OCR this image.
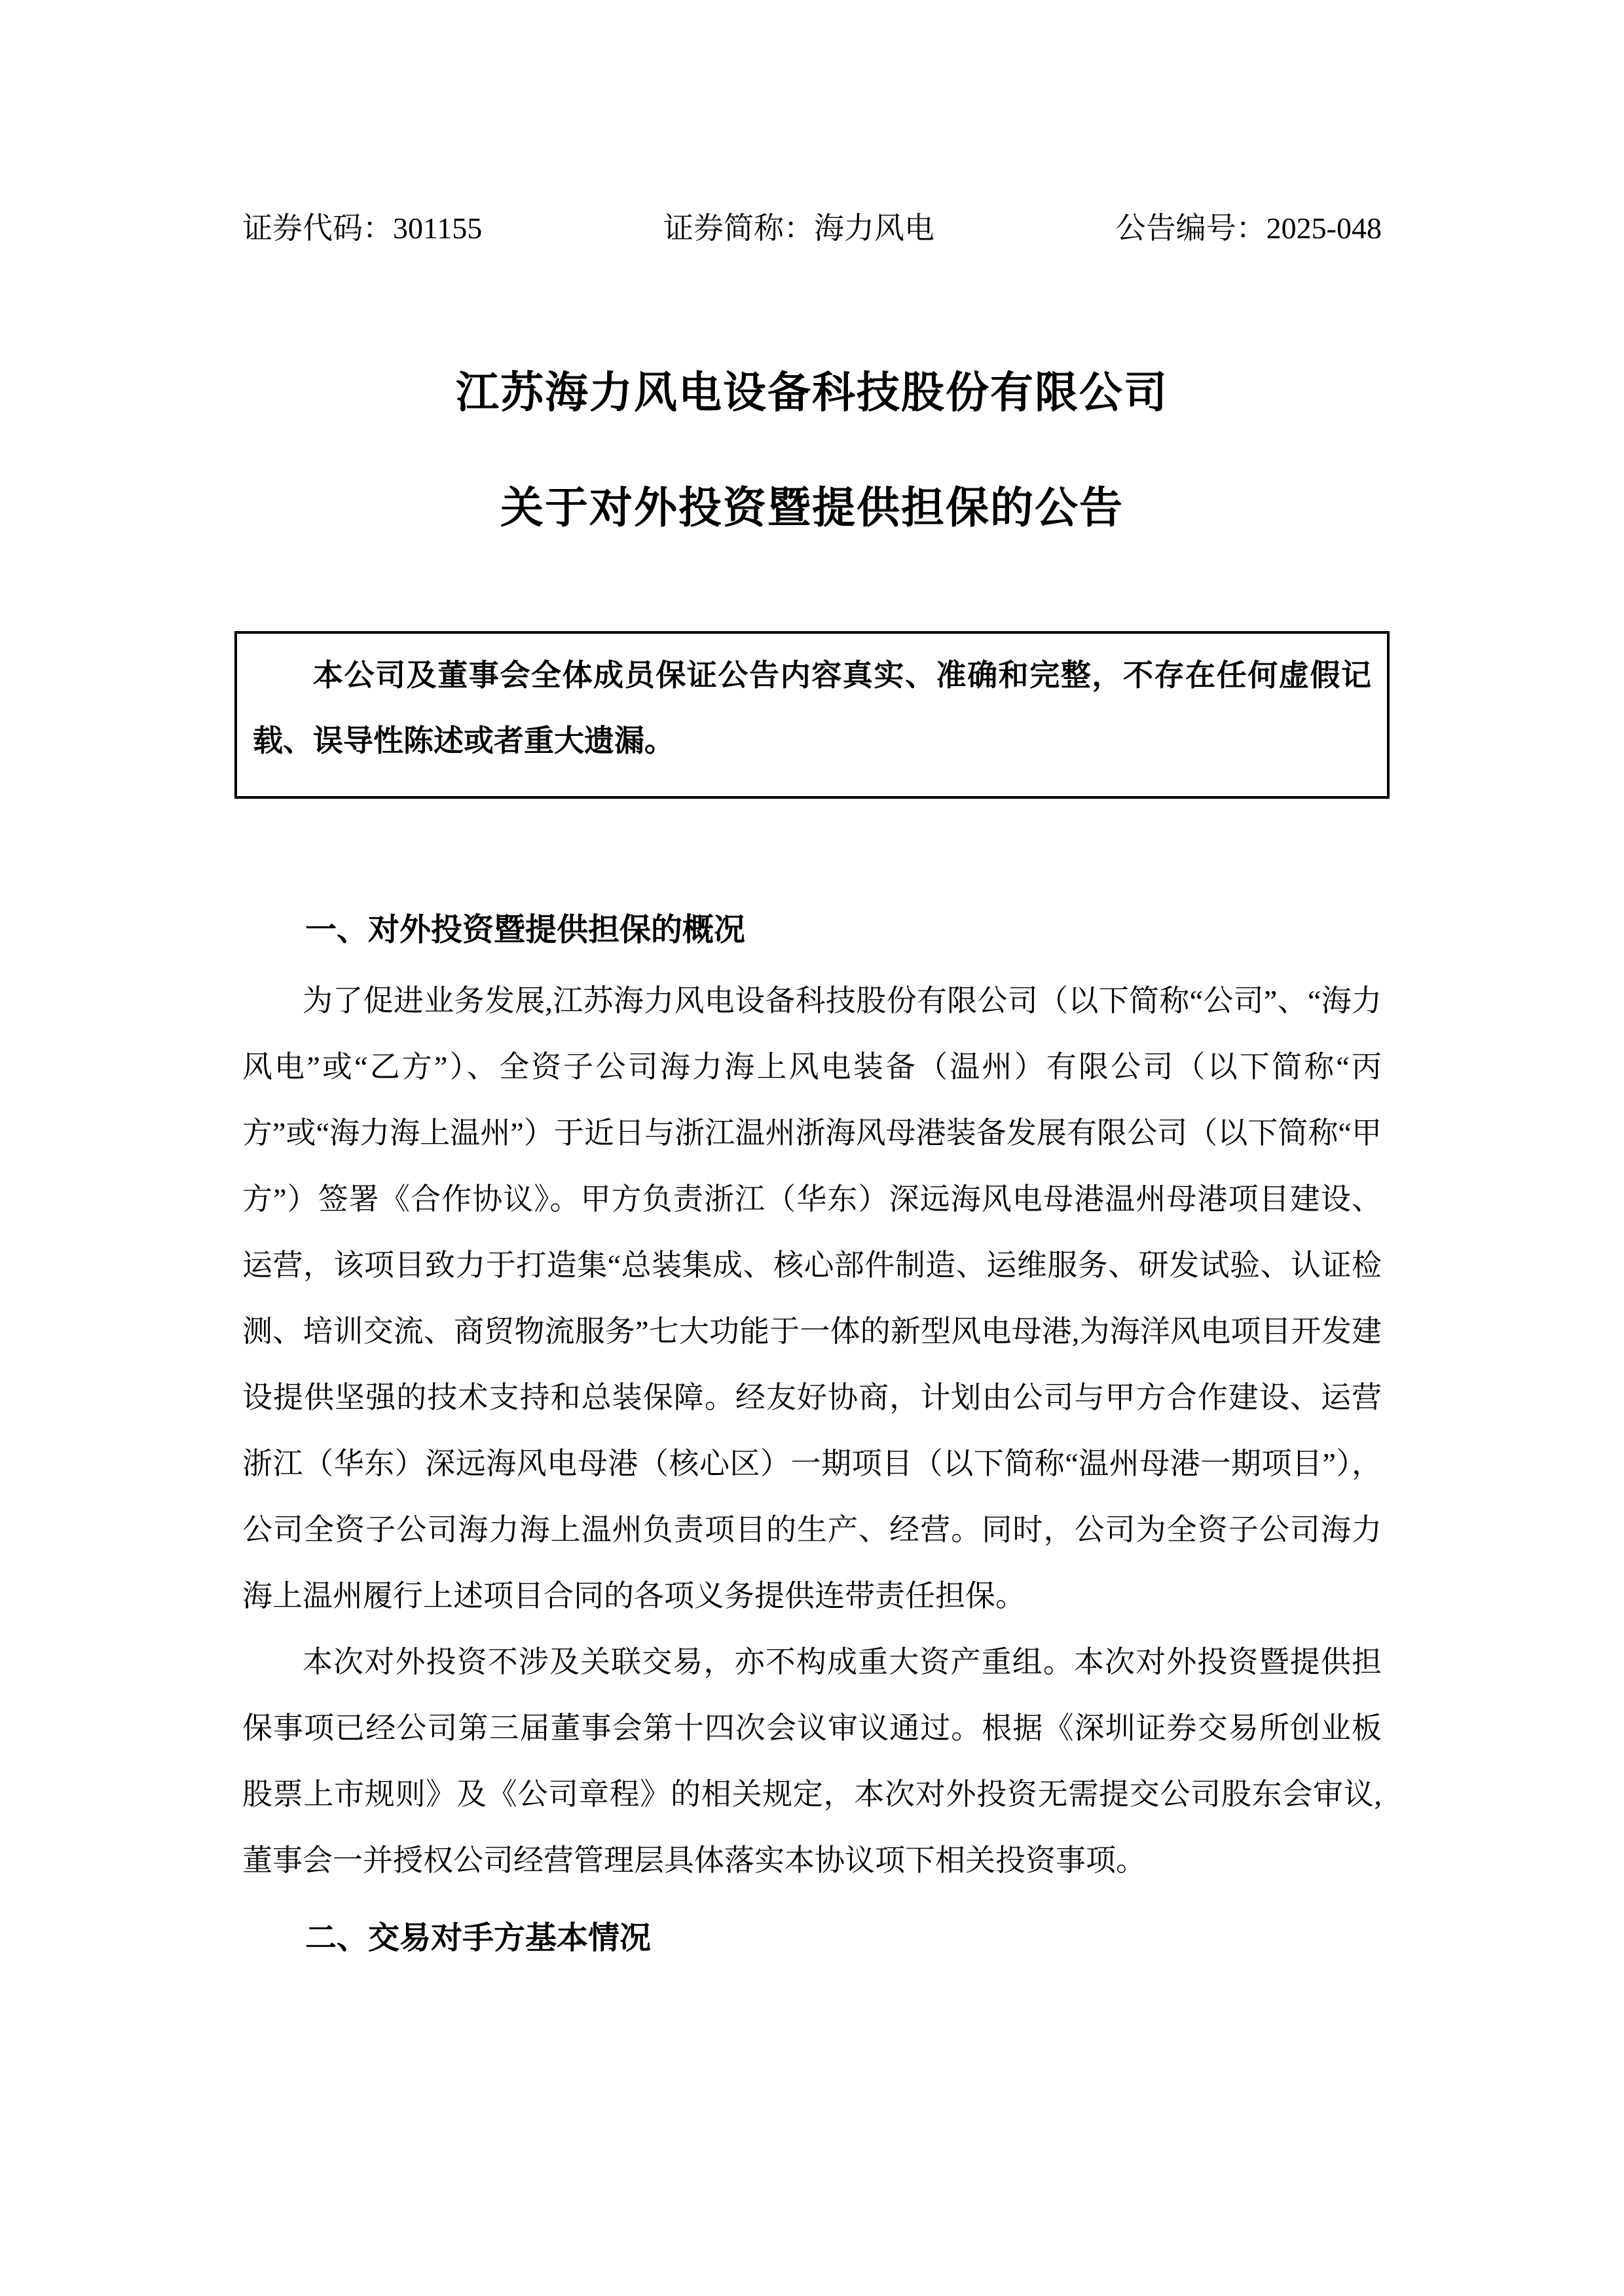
证券代码：301155	证券简称：海力风电	公告编号：2025-048
江苏海力风电设备科技股份有限公司
关于对外投资暨提供担保的公告

本公司及董事会全体成员保证公告内容真实、准确和完整，不存在任何虚假记载、误导性陈述或者重大遗漏。

一、对外投资暨提供担保的概况

为了促进业务发展,江苏海力风电设备科技股份有限公司（以下简称“公司”、“海力风电”或“乙方”）、全资子公司海力海上风电装备（温州）有限公司（以下简称“丙方”或“海力海上温州”）于近日与浙江温州浙海风母港装备发展有限公司（以下简称“甲方”）签署《合作协议》。甲方负责浙江（华东）深远海风电母港温州母港项目建设、运营，该项目致力于打造集“总装集成、核心部件制造、运维服务、研发试验、认证检测、培训交流、商贸物流服务”七大功能于一体的新型风电母港,为海洋风电项目开发建设提供坚强的技术支持和总装保障。经友好协商，计划由公司与甲方合作建设、运营浙江（华东）深远海风电母港（核心区）一期项目（以下简称“温州母港一期项目”），公司全资子公司海力海上温州负责项目的生产、经营。同时，公司为全资子公司海力海上温州履行上述项目合同的各项义务提供连带责任担保。

本次对外投资不涉及关联交易，亦不构成重大资产重组。本次对外投资暨提供担保事项已经公司第三届董事会第十四次会议审议通过。根据《深圳证券交易所创业板股票上市规则》及《公司章程》的相关规定，本次对外投资无需提交公司股东会审议,董事会一并授权公司经营管理层具体落实本协议项下相关投资事项。

二、交易对手方基本情况
